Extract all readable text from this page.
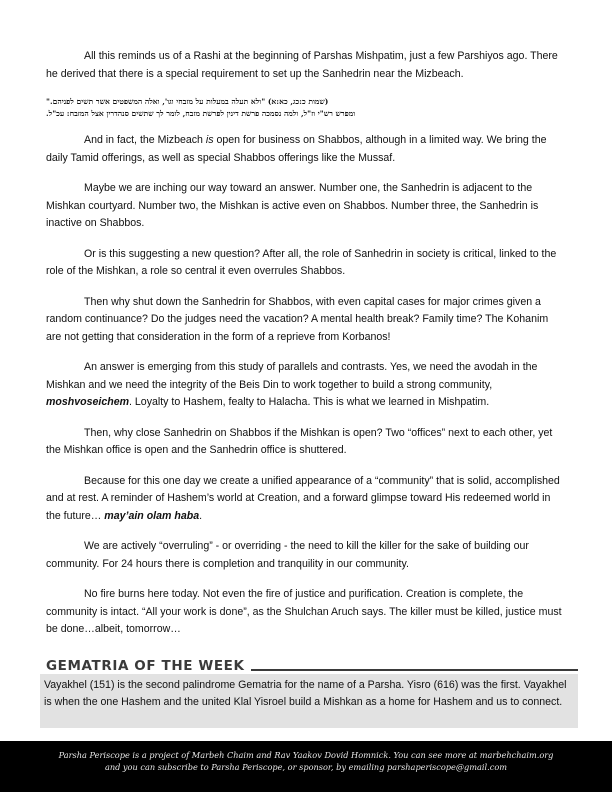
All this reminds us of a Rashi at the beginning of Parshas Mishpatim, just a few Parshiyos ago. There he derived that there is a special requirement to set up the Sanhedrin near the Mizbeach.

(שמות כ:כג, כא:א) "ולא תעלה במעלות על מזבחי וגו', ואלה המשפטים אשר תשים לפניהם."
ומפרש רש"י וז"ל, ולמה נסמכה פרשת דינין לפרשת מזבח, לומר לך שתשים סנהדרין אצל המזבח: עכ"ל.

And in fact, the Mizbeach is open for business on Shabbos, although in a limited way. We bring the daily Tamid offerings, as well as special Shabbos offerings like the Mussaf.

Maybe we are inching our way toward an answer. Number one, the Sanhedrin is adjacent to the Mishkan courtyard. Number two, the Mishkan is active even on Shabbos. Number three, the Sanhedrin is inactive on Shabbos.

Or is this suggesting a new question? After all, the role of Sanhedrin in society is critical, linked to the role of the Mishkan, a role so central it even overrules Shabbos.

Then why shut down the Sanhedrin for Shabbos, with even capital cases for major crimes given a random continuance? Do the judges need the vacation? A mental health break? Family time? The Kohanim are not getting that consideration in the form of a reprieve from Korbanos!

An answer is emerging from this study of parallels and contrasts. Yes, we need the avodah in the Mishkan and we need the integrity of the Beis Din to work together to build a strong community, moshvoseichem. Loyalty to Hashem, fealty to Halacha. This is what we learned in Mishpatim.

Then, why close Sanhedrin on Shabbos if the Mishkan is open? Two “offices” next to each other, yet the Mishkan office is open and the Sanhedrin office is shuttered.

Because for this one day we create a unified appearance of a “community” that is solid, accomplished and at rest. A reminder of Hashem’s world at Creation, and a forward glimpse toward His redeemed world in the future… may’ain olam haba.

We are actively “overruling” - or overriding - the need to kill the killer for the sake of building our community. For 24 hours there is completion and tranquility in our community.

No fire burns here today. Not even the fire of justice and purification. Creation is complete, the community is intact. “All your work is done”, as the Shulchan Aruch says. The killer must be killed, justice must be done…albeit, tomorrow…

GEMATRIA OF THE WEEK

Vayakhel (151) is the second palindrome Gematria for the name of a Parsha. Yisro (616) was the first. Vayakhel is when the one Hashem and the united Klal Yisroel build a Mishkan as a home for Hashem and us to connect.

Parsha Periscope is a project of Marbeh Chaim and Rav Yaakov Dovid Homnick. You can see more at marbehchaim.org
and you can subscribe to Parsha Periscope, or sponsor, by emailing parshaperiscope@gmail.com
